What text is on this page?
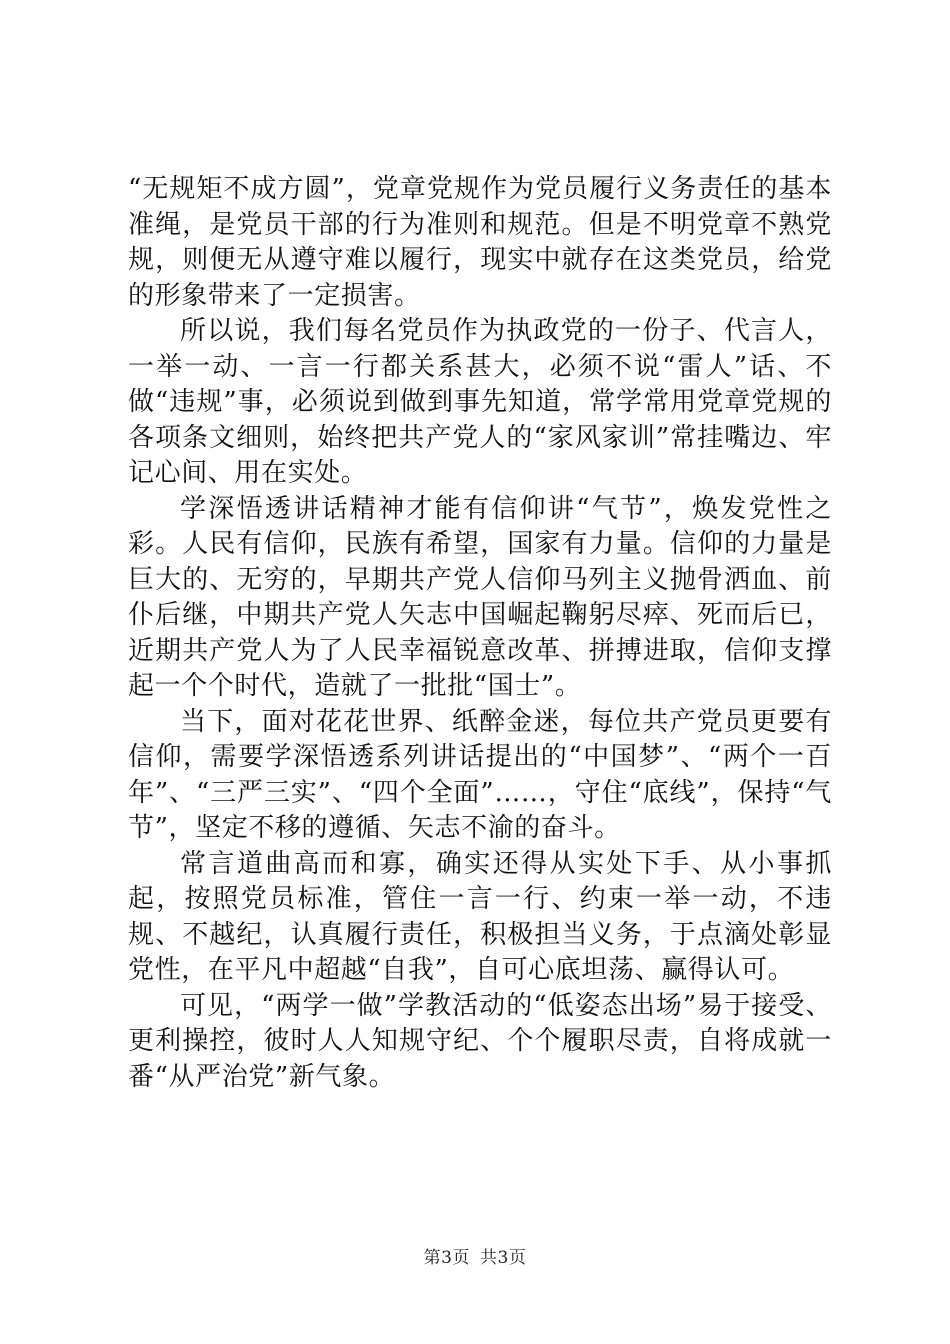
“无规矩不成方圆”，党章党规作为党员履行义务责任的基本准绳，是党员干部的行为准则和规范。但是不明党章不熟党规，则便无从遵守难以履行，现实中就存在这类党员，给党的形象带来了一定损害。

所以说，我们每名党员作为执政党的一份子、代言人，一举一动、一言一行都关系甚大，必须不说“雷人”话、不做“违规”事，必须说到做到事先知道，常学常用党章党规的各项条文细则，始终把共产党人的“家风家训”常挂嘴边、牢记心间、用在实处。

学深悟透讲话精神才能有信仰讲“气节”，焕发党性之彩。人民有信仰，民族有希望，国家有力量。信仰的力量是巨大的、无穷的，早期共产党人信仰马列主义抛骨洒血、前仆后继，中期共产党人矢志中国崛起鞠躬尽瘁、死而后已，近期共产党人为了人民幸福锐意改革、拼搏进取，信仰支撑起一个个时代，造就了一批批“国士”。

当下，面对花花世界、纸醉金迷，每位共产党员更要有信仰，需要学深悟透系列讲话提出的“中国梦”、“两个一百年”、“三严三实”、“四个全面”……，守住“底线”，保持“气节”，坚定不移的遵循、矢志不渝的奋斗。

常言道曲高而和寡，确实还得从实处下手、从小事抓起，按照党员标准，管住一言一行、约束一举一动，不违规、不越纪，认真履行责任，积极担当义务，于点滴处彰显党性，在平凡中超越“自我”，自可心底坦荡、赢得认可。

可见，“两学一做”学教活动的“低姿态出场”易于接受、更利操控，彼时人人知规守纪、个个履职尽责，自将成就一番“从严治党”新气象。

第3页 共3页
